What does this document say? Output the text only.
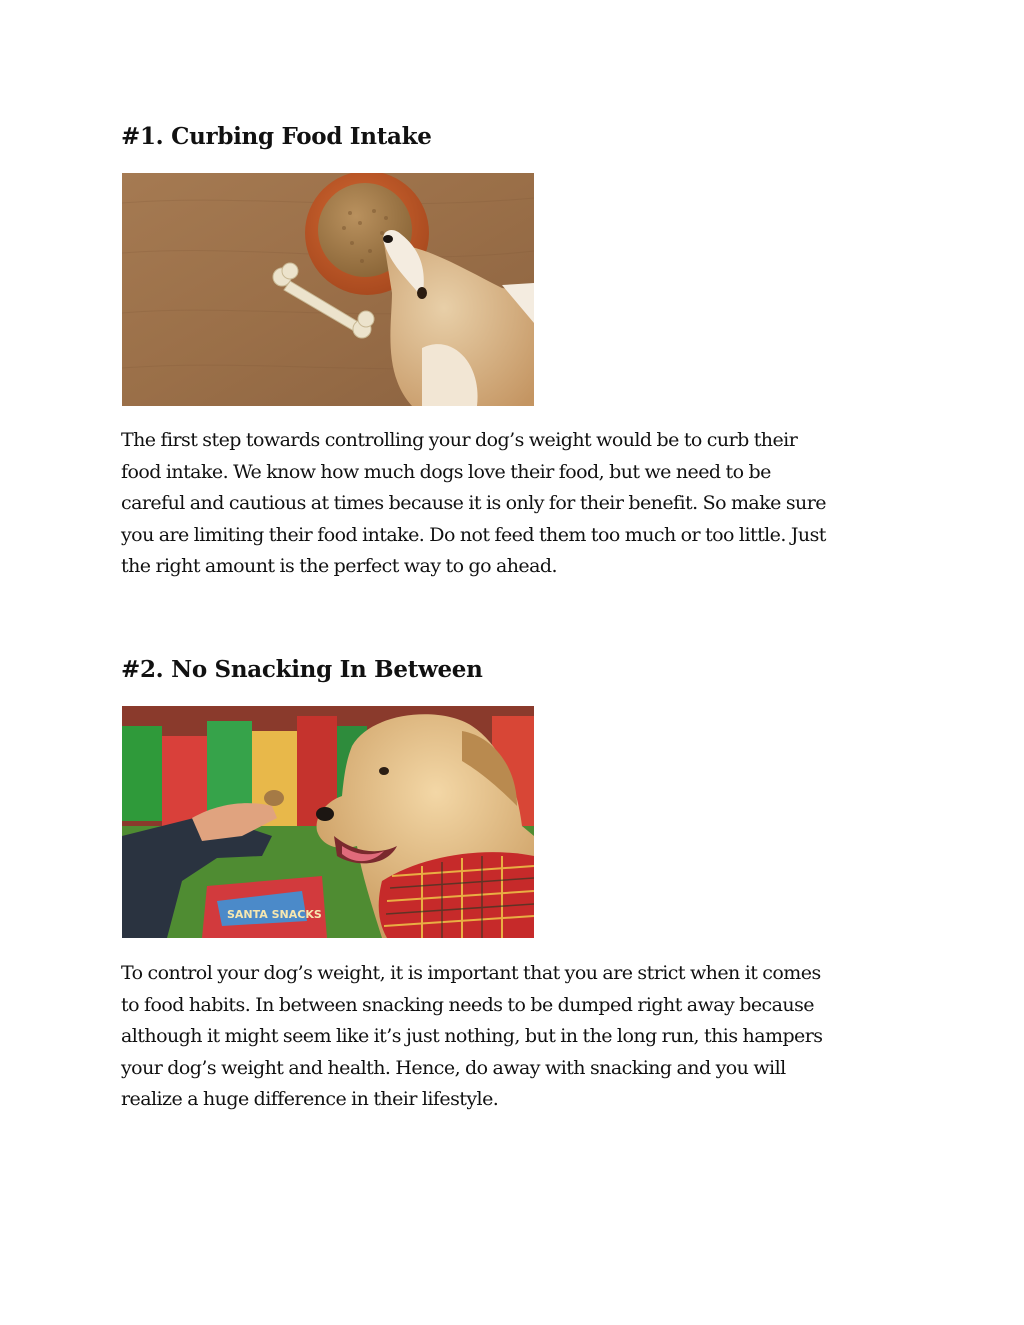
#1. Curbing Food Intake

The first step towards controlling your dog’s weight would be to curb their
food intake. We know how much dogs love their food, but we need to be
careful and cautious at times because it is only for their benefit. So make sure
you are limiting their food intake. Do not feed them too much or too little. Just
the right amount is the perfect way to go ahead.

#2. No Snacking In Between
SANTA SNACKS

To control your dog’s weight, it is important that you are strict when it comes
to food habits. In between snacking needs to be dumped right away because
although it might seem like it’s just nothing, but in the long run, this hampers
your dog’s weight and health. Hence, do away with snacking and you will
realize a huge difference in their lifestyle.
